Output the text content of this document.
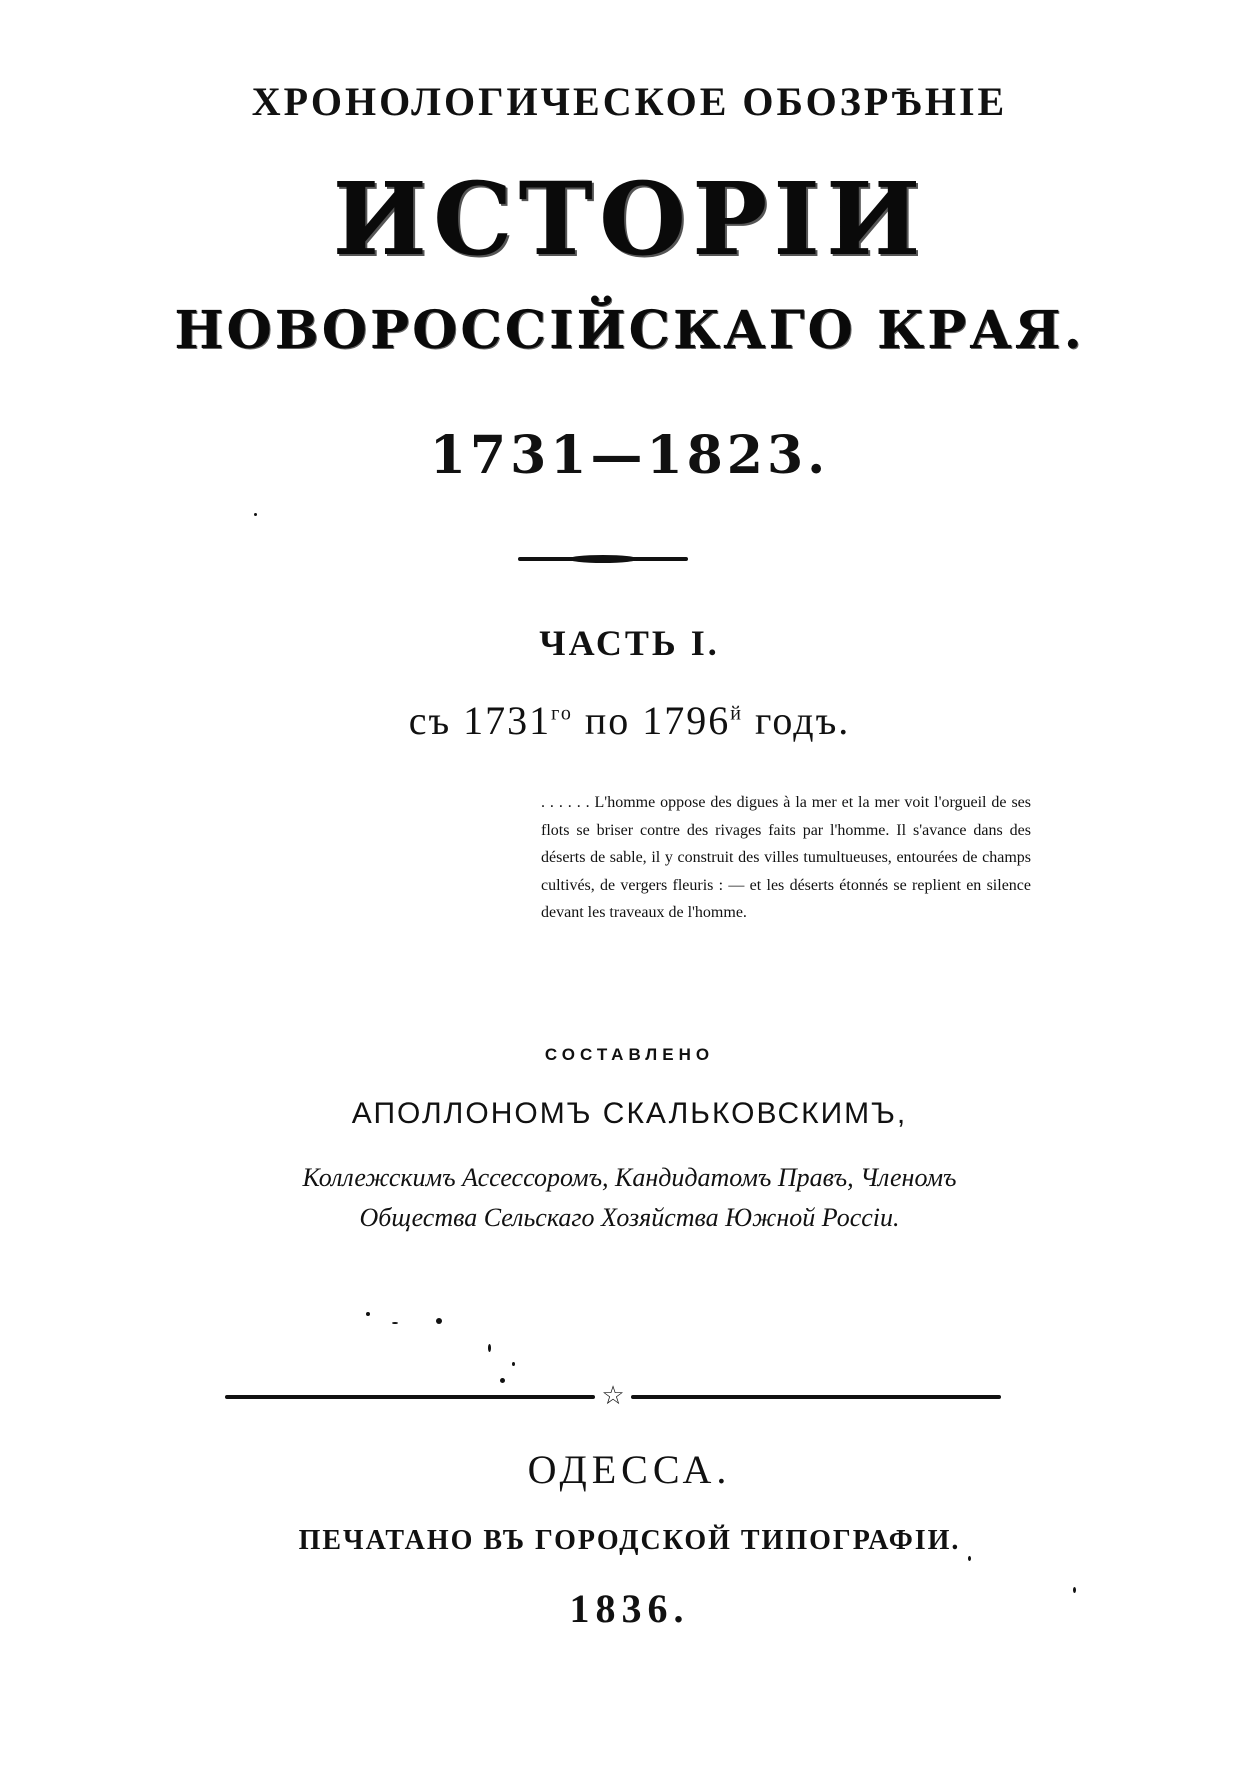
ХРОНОЛОГИЧЕСКОЕ ОБОЗРѢНІЕ
ИСТОРІИ
НОВОРОССІЙСКАГО КРАЯ.
1731—1823.
ЧАСТЬ I.
съ $1731^{го}$ по $1796^й$ годъ.
. . . . . . L'homme oppose des digues à la mer et la mer voit l'orgueil de ses flots se briser contre des rivages faits par l'homme. Il s'avance dans des déserts de sable, il y construit des villes tumultueuses, entourées de champs cultivés, de vergers fleuris : — et les déserts étonnés se replient en silence devant les traveaux de l'homme.
СОСТАВЛЕНО
АПОЛЛОНОМЪ СКАЛЬКОВСКИМЪ,
Коллежскимъ Ассессоромъ, Кандидатомъ Правъ, Членомъ
Общества Сельскаго Хозяйства Южной Россіи.
☆
ОДЕССА.
ПЕЧАТАНО ВЪ ГОРОДСКОЙ ТИПОГРАФІИ.
1836.
